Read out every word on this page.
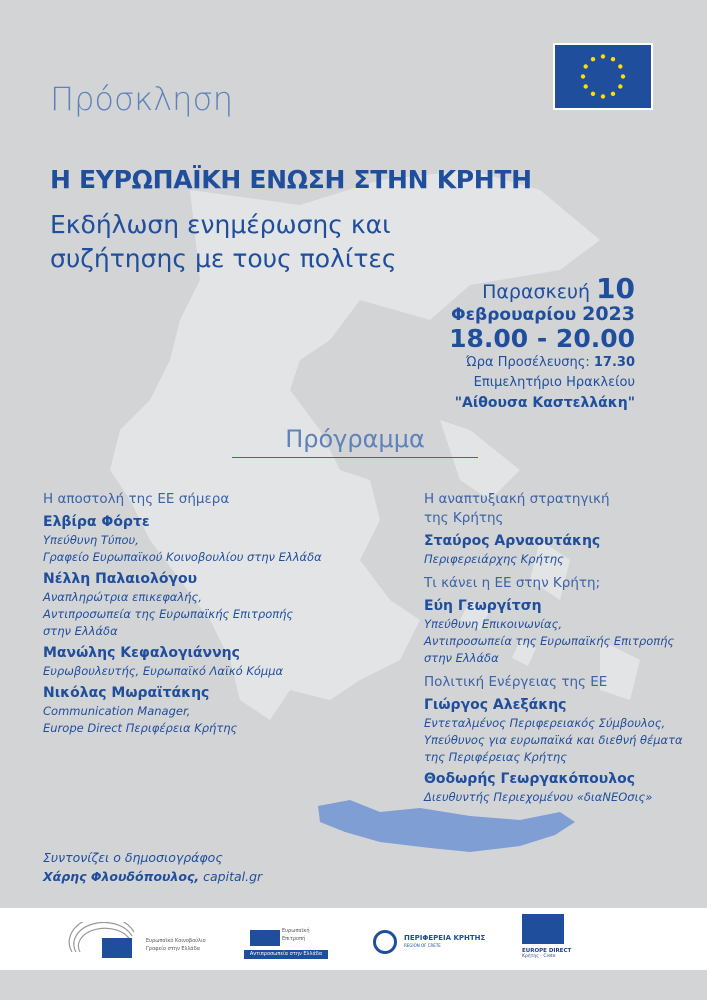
Πρόσκληση
Η ΕΥΡΩΠΑΪΚΗ ΕΝΩΣΗ ΣΤΗΝ ΚΡΗΤΗ
Εκδήλωση ενημέρωσης και
συζήτησης με τους πολίτες
Παρασκευή 10
Φεβρουαρίου 2023
18.00 - 20.00
Ώρα Προσέλευσης: 17.30
Επιμελητήριο Ηρακλείου
"Αίθουσα Καστελλάκη"
Πρόγραμμα
Η αποστολή της ΕΕ σήμερα
Ελβίρα Φόρτε
Υπεύθυνη Τύπου,
Γραφείο Ευρωπαϊκού Κοινοβουλίου στην Ελλάδα
Νέλλη Παλαιολόγου
Αναπληρώτρια επικεφαλής,
Αντιπροσωπεία της Ευρωπαϊκής Επιτροπής
στην Ελλάδα
Μανώλης Κεφαλογιάννης
Ευρωβουλευτής, Ευρωπαϊκό Λαϊκό Κόμμα
Νικόλας Μωραϊτάκης
Communication Manager,
Europe Direct Περιφέρεια Κρήτης
Η αναπτυξιακή στρατηγική
της Κρήτης
Σταύρος Αρναουτάκης
Περιφερειάρχης Κρήτης
Τι κάνει η ΕΕ στην Κρήτη;
Εύη Γεωργίτση
Υπεύθυνη Επικοινωνίας,
Αντιπροσωπεία της Ευρωπαϊκής Επιτροπής
στην Ελλάδα
Πολιτική Ενέργειας της ΕΕ
Γιώργος Αλεξάκης
Εντεταλμένος Περιφερειακός Σύμβουλος,
Υπεύθυνος για ευρωπαϊκά και διεθνή θέματα
της Περιφέρειας Κρήτης
Θοδωρής Γεωργακόπουλος
Διευθυντής Περιεχομένου «διαΝΕΟσις»
Συντονίζει ο δημοσιογράφος
Χάρης Φλουδόπουλος, capital.gr
Ευρωπαϊκό Κοινοβούλιο
Γραφείο στην Ελλάδα
Ευρωπαϊκή
Επιτροπή
Αντιπροσωπεία στην Ελλάδα
ΠΕΡΙΦΕΡΕΙΑ ΚΡΗΤΗΣ
REGION OF CRETE
EUROPE DIRECT
Κρήτης - Crete
